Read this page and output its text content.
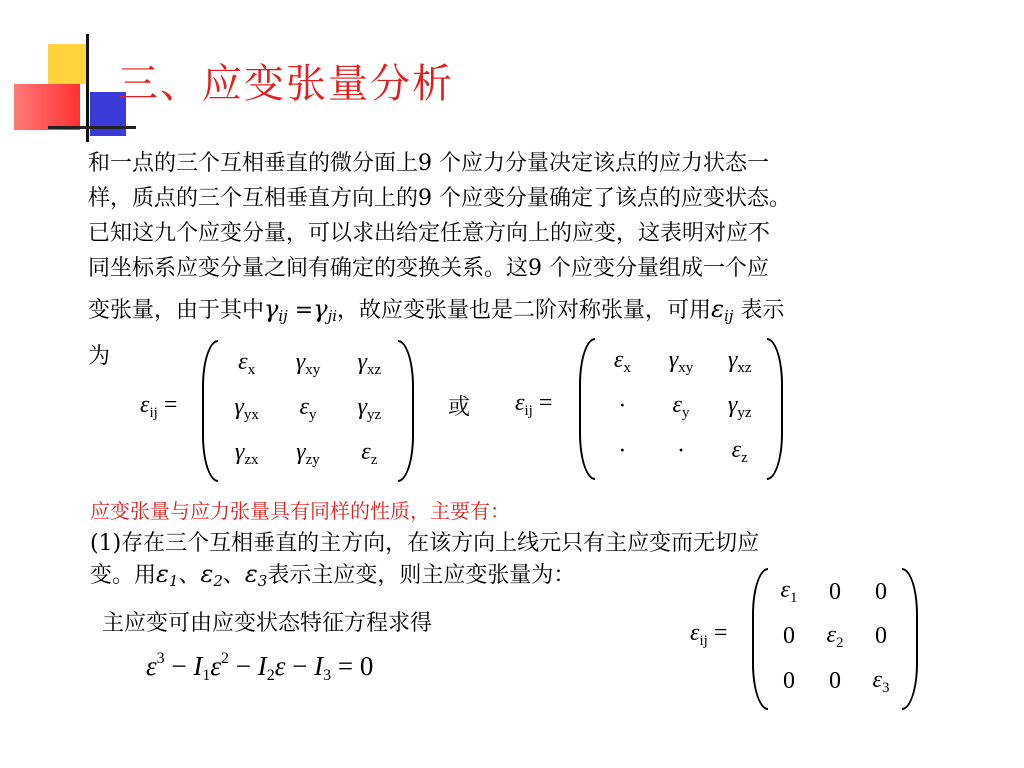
三、应变张量分析
和一点的三个互相垂直的微分面上9 个应力分量决定该点的应力状态一
样，质点的三个互相垂直方向上的9 个应变分量确定了该点的应变状态。
已知这九个应变分量，可以求出给定任意方向上的应变，这表明对应不
同坐标系应变分量之间有确定的变换关系。这9 个应变分量组成一个应
变张量，由于其中$\gamma_{ij} =\gamma_{ji}$，故应变张量也是二阶对称张量，可用$\varepsilon_{ij}$ 表示
为
$\varepsilon_{ij}$ =
$\varepsilon_x$ $\gamma_{xy}$ $\gamma_{xz}$
$\gamma_{yx}$ $\varepsilon_y$ $\gamma_{yz}$
$\gamma_{zx}$ $\gamma_{zy}$ $\varepsilon_z$
或 $\varepsilon_{ij}$ =
$\varepsilon_x$ $\gamma_{xy}$ $\gamma_{xz}$
· $\varepsilon_y$ $\gamma_{yz}$
· · $\varepsilon_z$
应变张量与应力张量具有同样的性质，主要有：
(1)存在三个互相垂直的主方向，在该方向上线元只有主应变而无切应
变。用$\varepsilon_1$、$\varepsilon_2$、$\varepsilon_3$表示主应变，则主应变张量为：
主应变可由应变状态特征方程求得	$\varepsilon_{ij}$ =
$\varepsilon_1$ 0 0
0 $\varepsilon_2$ 0
0 0 $\varepsilon_3$
$\varepsilon^3 - I1\varepsilon^2 - I2\varepsilon - I3 = 0$
